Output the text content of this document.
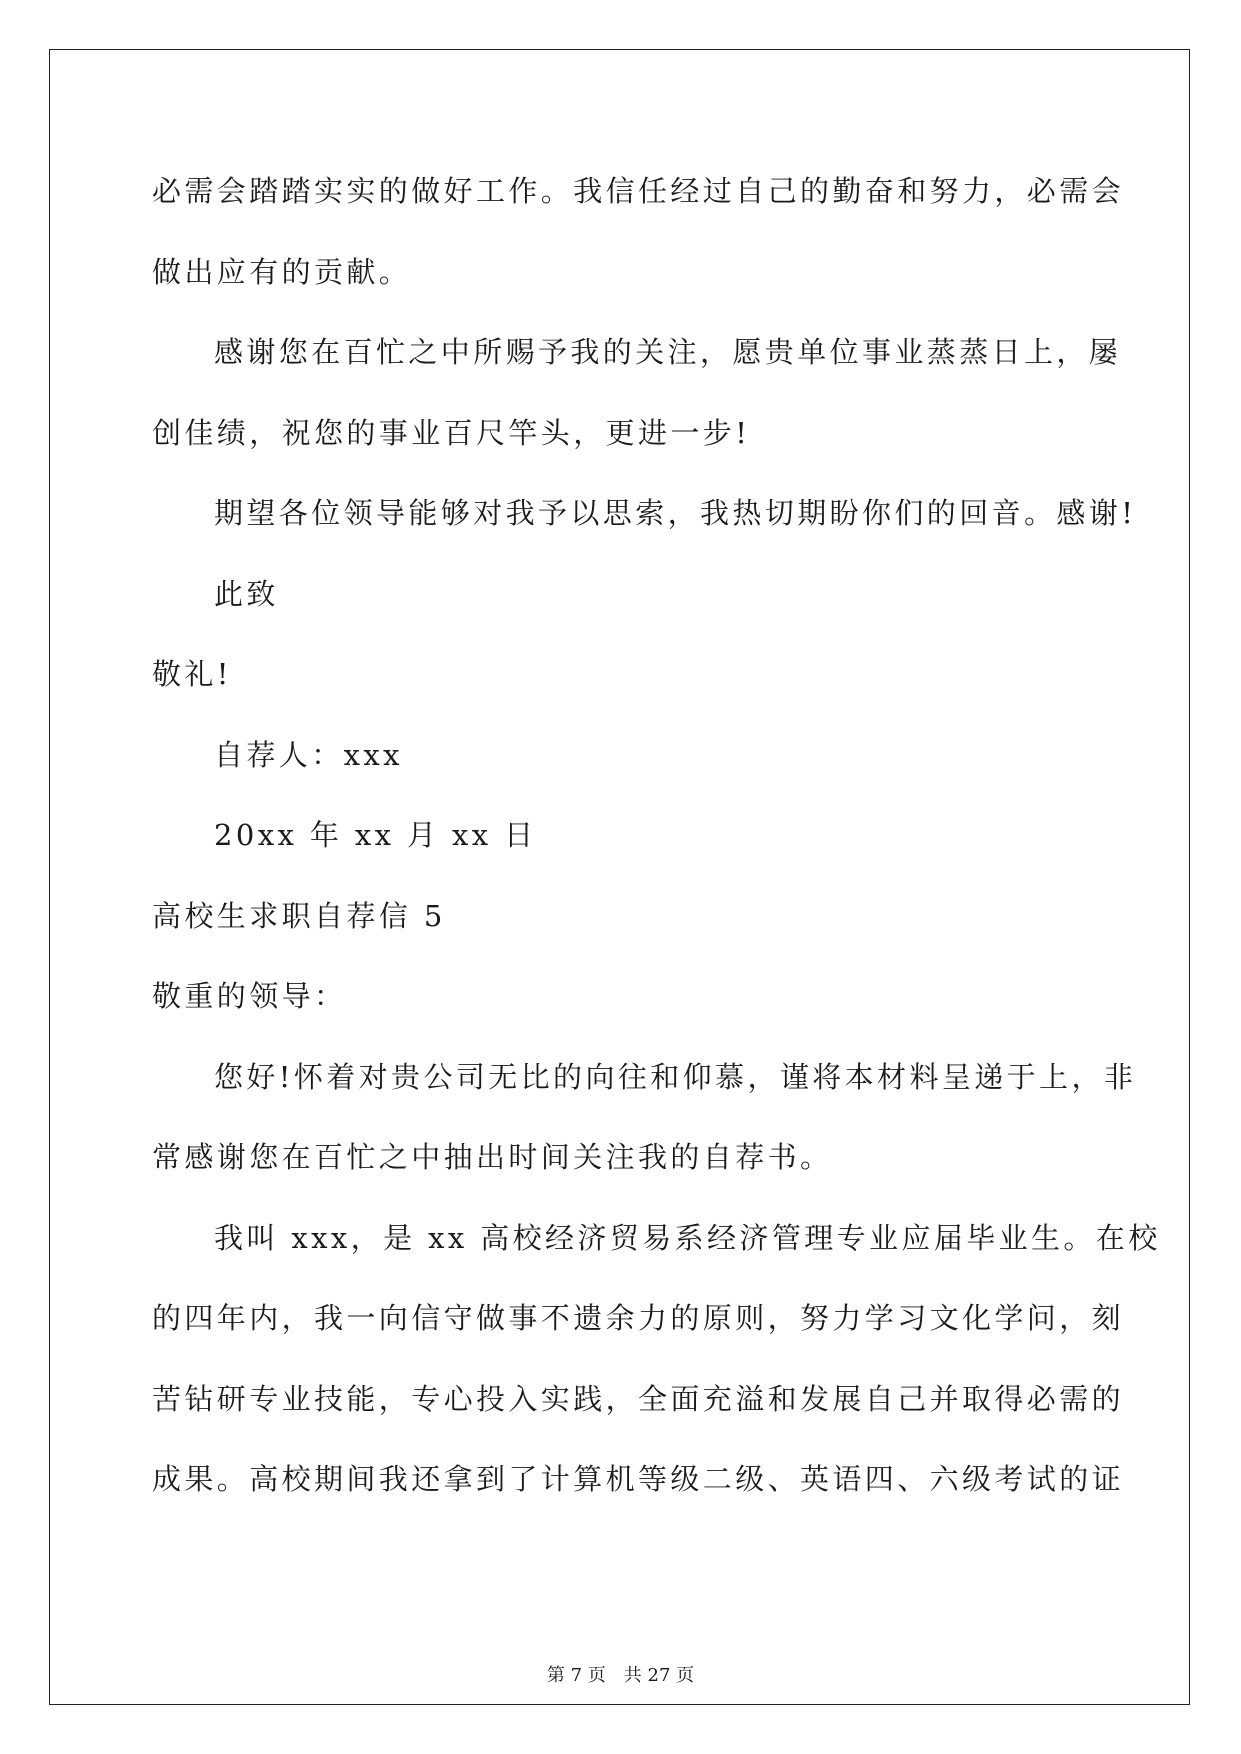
必需会踏踏实实的做好工作。我信任经过自己的勤奋和努力，必需会

做出应有的贡献。

感谢您在百忙之中所赐予我的关注，愿贵单位事业蒸蒸日上，屡

创佳绩，祝您的事业百尺竿头，更进一步!

期望各位领导能够对我予以思索，我热切期盼你们的回音。感谢!

此致

敬礼!

自荐人：xxx

20xx 年 xx 月 xx 日

高校生求职自荐信 5

敬重的领导：

您好!怀着对贵公司无比的向往和仰慕，谨将本材料呈递于上，非

常感谢您在百忙之中抽出时间关注我的自荐书。

我叫 xxx，是 xx 高校经济贸易系经济管理专业应届毕业生。在校

的四年内，我一向信守做事不遗余力的原则，努力学习文化学问，刻

苦钻研专业技能，专心投入实践，全面充溢和发展自己并取得必需的

成果。高校期间我还拿到了计算机等级二级、英语四、六级考试的证

第 7 页　共 27 页
